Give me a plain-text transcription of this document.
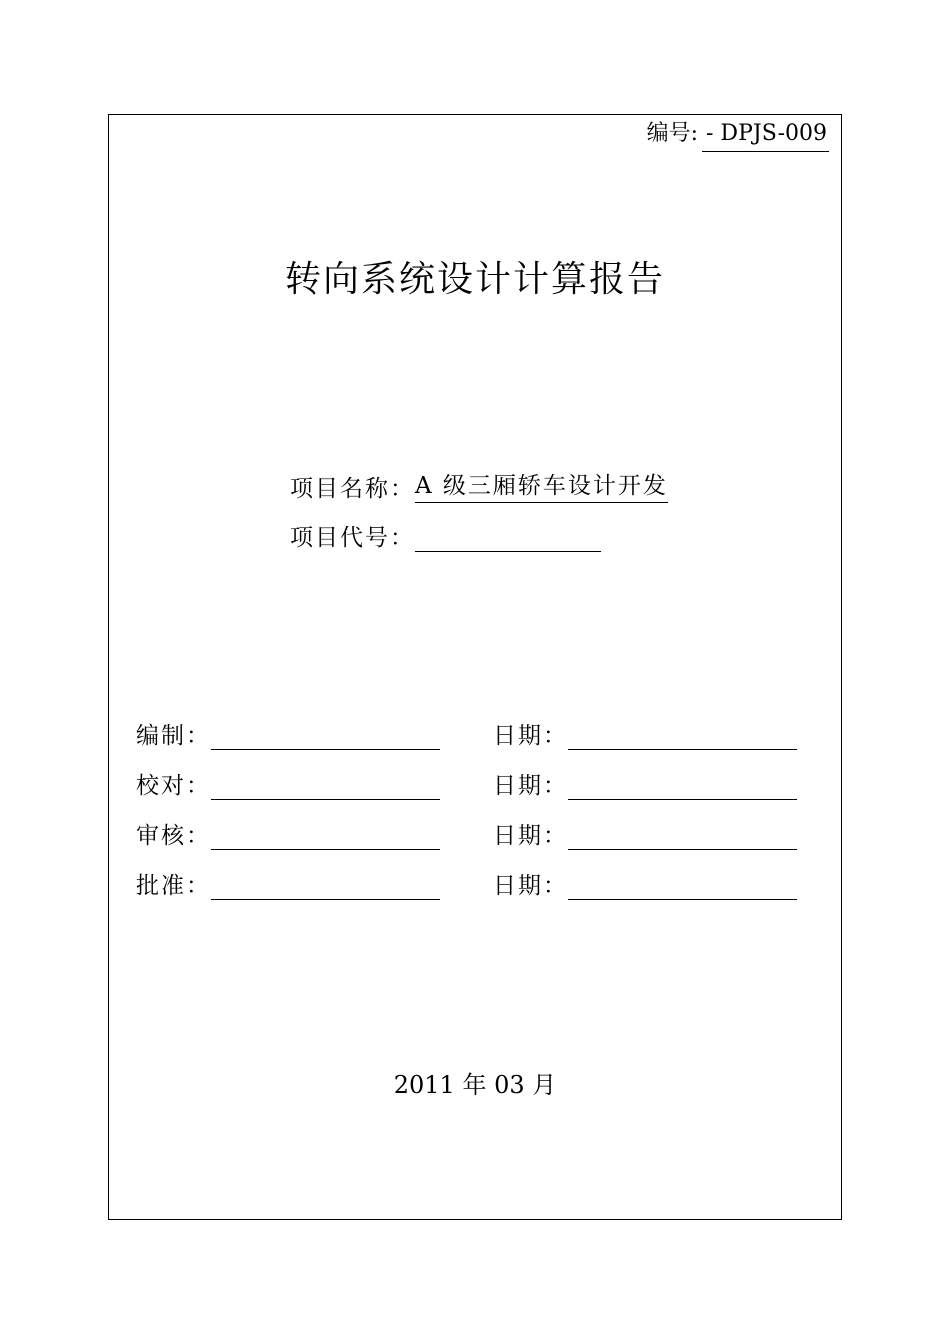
编号: - DPJS-009
转向系统设计计算报告
项目名称：A 级三厢轿车设计开发
项目代号：
编制：
校对：
审核：
批准：
日期：
日期：
日期：
日期：
2011 年 03 月
